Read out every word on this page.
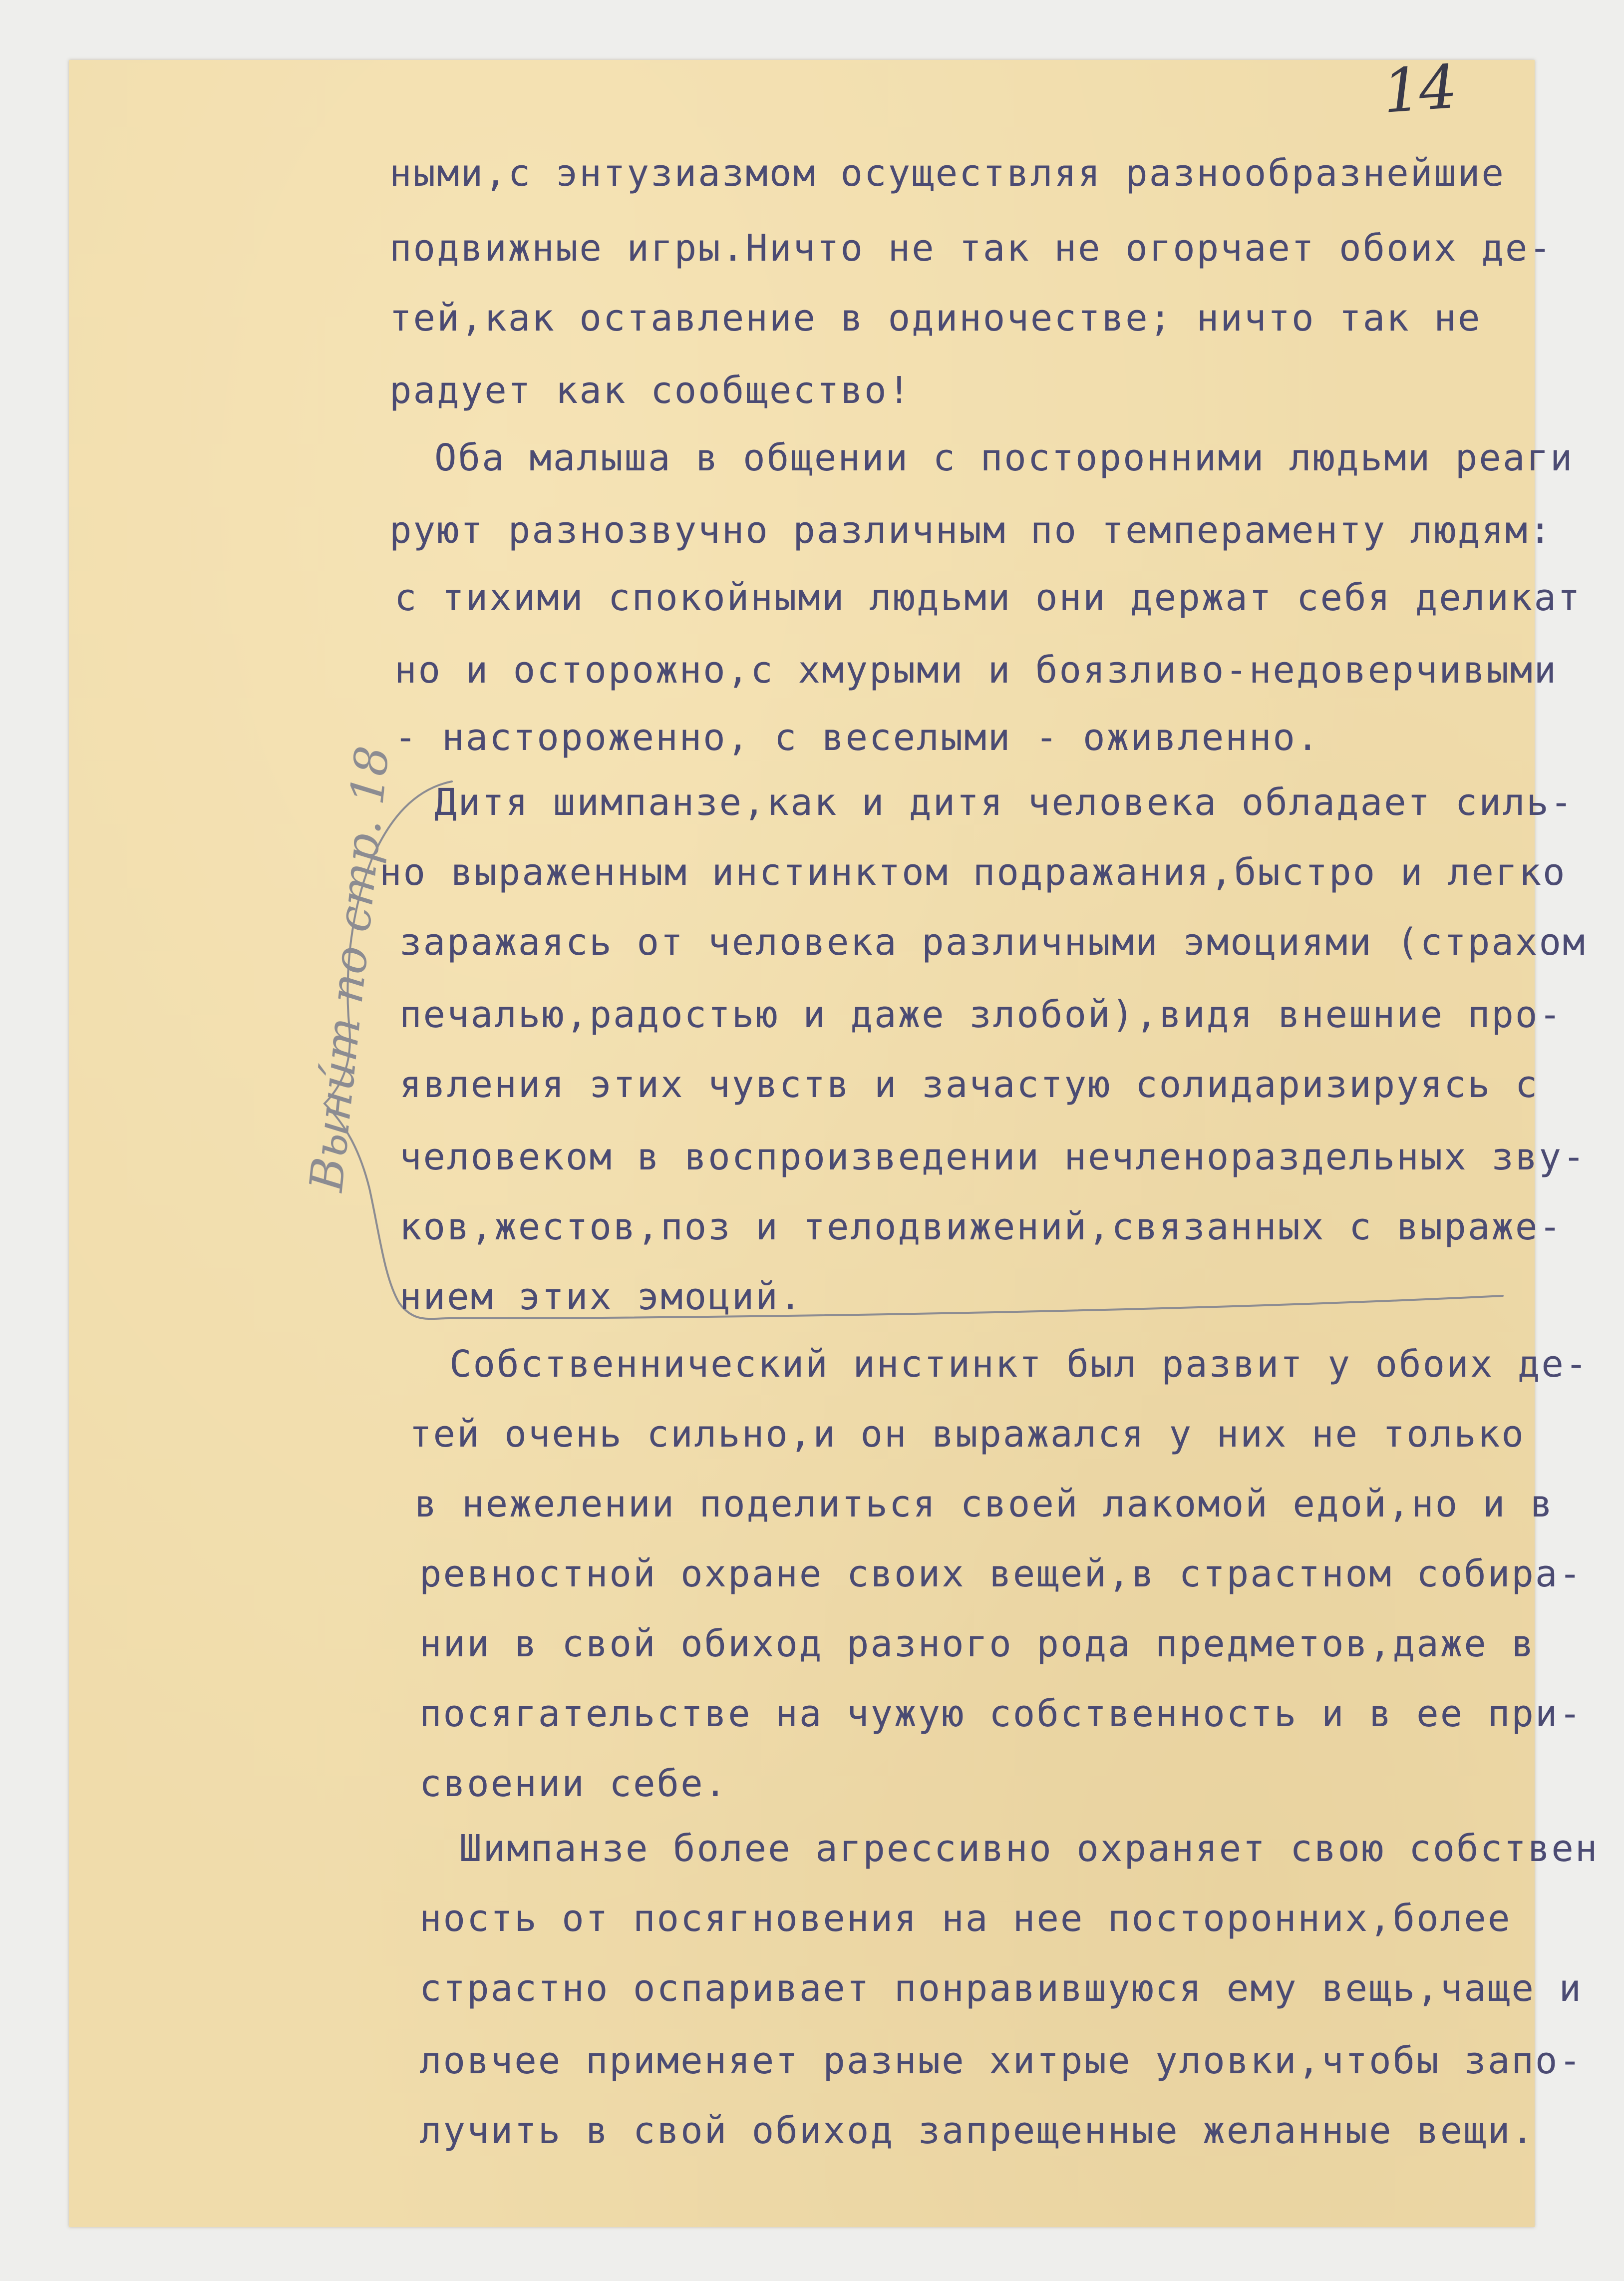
14
Выни́т по стр. 18
ными,с энтузиазмом осуществляя разнообразнейшие
подвижные игры.Ничто не так не огорчает обоих де-
тей,как оставление в одиночестве; ничто так не
радует как сообщество!
Оба малыша в общении с посторонними людьми реаги
руют разнозвучно различным по темпераменту людям:
с тихими спокойными людьми они держат себя деликат
но и осторожно,с хмурыми и боязливо-недоверчивыми
- настороженно, с веселыми - оживленно.
Дитя шимпанзе,как и дитя человека обладает силь-
но выраженным инстинктом подражания,быстро и легко
заражаясь от человека различными эмоциями (страхом
печалью,радостью и даже злобой),видя внешние про-
явления этих чувств и зачастую солидаризируясь с
человеком в воспроизведении нечленораздельных зву-
ков,жестов,поз и телодвижений,связанных с выраже-
нием этих эмоций.
Собственнический инстинкт был развит у обоих де-
тей очень сильно,и он выражался у них не только
в нежелении поделиться своей лакомой едой,но и в
ревностной охране своих вещей,в страстном собира-
нии в свой обиход разного рода предметов,даже в
посягательстве на чужую собственность и в ее при-
своении себе.
Шимпанзе более агрессивно охраняет свою собствен
ность от посягновения на нее посторонних,более
страстно оспаривает понравившуюся ему вещь,чаще и
ловчее применяет разные хитрые уловки,чтобы запо-
лучить в свой обиход запрещенные желанные вещи.
